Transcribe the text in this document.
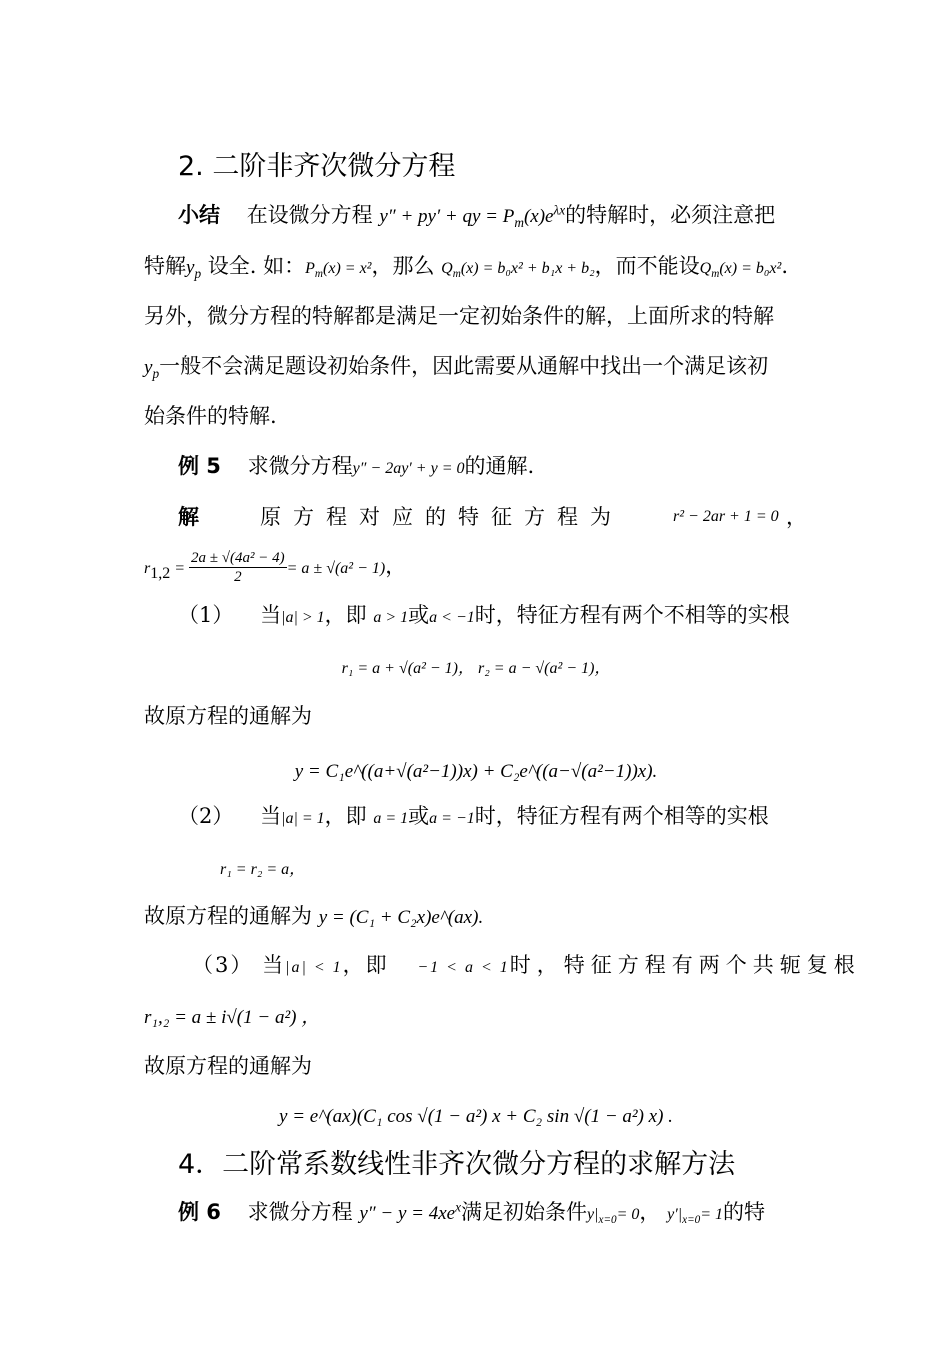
2. 二阶非齐次微分方程
小结 在设微分方程 y″ + py′ + qy = $P_m(x)e^{\lambda x}$的特解时，必须注意把
特解$y_p$ 设全. 如：$P_m(x) = x^2$，那么 $Q_m(x) = b_0x^2 + b_1x + b_2$，而不能设$Q_m(x) = b_0x^2$.
另外，微分方程的特解都是满足一定初始条件的解，上面所求的特解
$y_p$一般不会满足题设初始条件，因此需要从通解中找出一个满足该初
始条件的特解.
例 5 求微分方程y″ − 2ay′ + y = 0的通解.
解	原方程对应的特征方程为	r² − 2ar + 1 = 0 ，
$r_{1,2} = \frac{\text{2a ± √(4a² − 4)}}{2} = a \pm √(a^2 - 1)$，
（1） 当|a| > 1，即 a > 1或a < −1时，特征方程有两个不相等的实根
r₁ = a + √(a² − 1)， r₂ = a − √(a² − 1)，
故原方程的通解为
y = C₁e^((a+√(a²−1))x) + C₂e^((a−√(a²−1))x).
（2） 当|a| = 1，即 a = 1或a = −1时，特征方程有两个相等的实根
r₁ = r₂ = a，
故原方程的通解为 y = (C₁ + C₂x)e^(ax).
（3） 当|a| < 1，即 −1 < a < 1时，特征方程有两个共轭复根
r₁,₂ = a ± i√(1 − a²) ，
故原方程的通解为
y = e^(ax)(C₁ cos √(1 − a²) x + C₂ sin √(1 − a²) x) .
4．二阶常系数线性非齐次微分方程的求解方法
例 6 求微分方程 $y'' - y = 4xe^x$满足初始条件$y|_{x=0}= 0$， $y'|_{x=0}= 1$的特
